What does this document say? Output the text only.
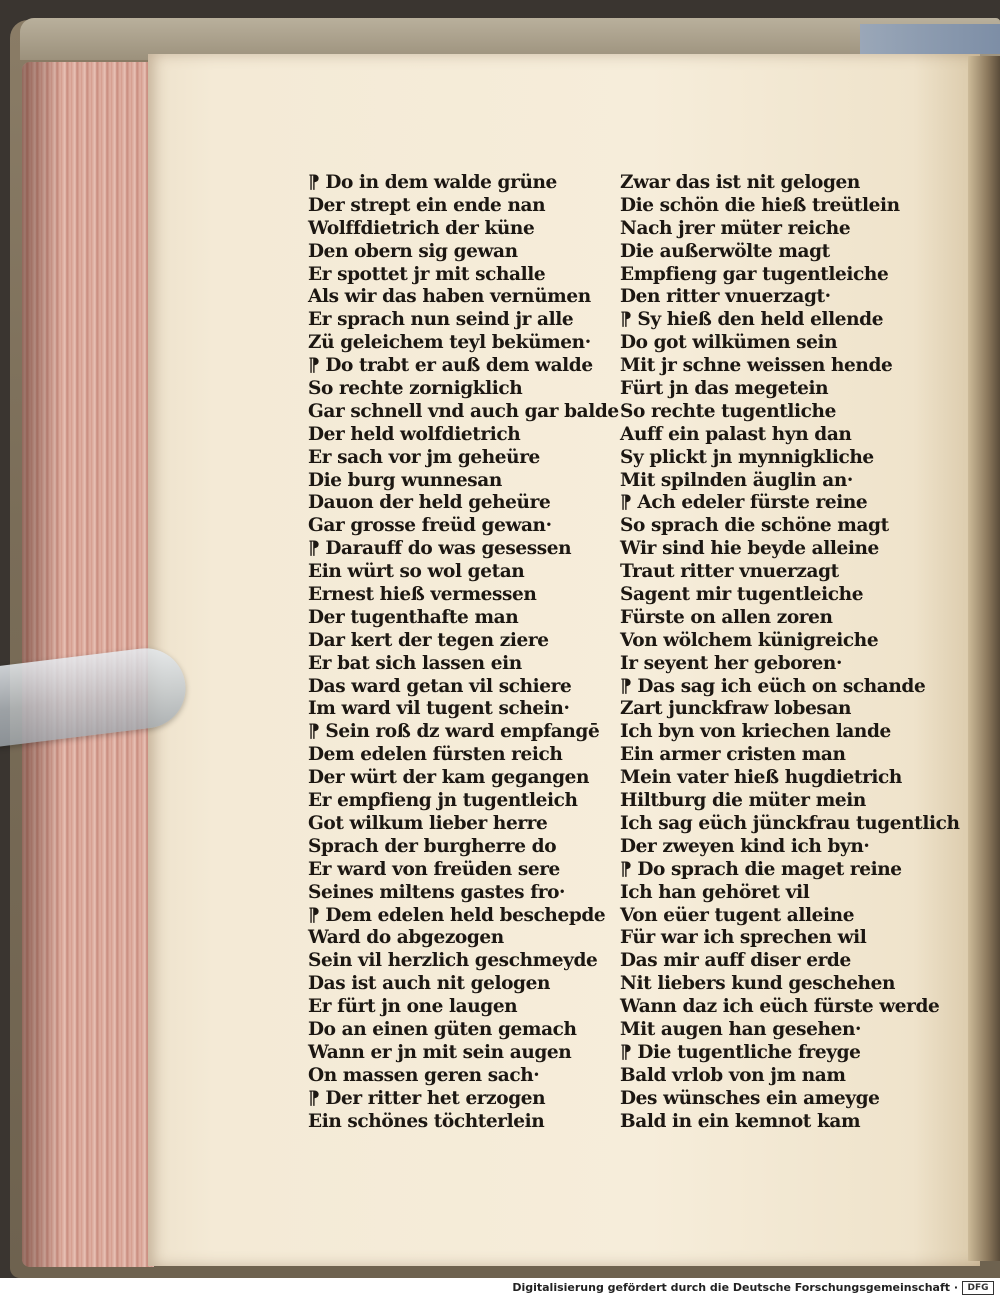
⁋ Do in dem walde grüne
Der strept ein ende nan
Wolffdietrich der küne
Den obern sig gewan
Er spottet jr mit schalle
Als wir das haben vernümen
Er sprach nun seind jr alle
Zü geleichem teyl bekümen·
⁋ Do trabt er auß dem walde
So rechte zornigklich
Gar schnell vnd auch gar balde
Der held wolfdietrich
Er sach vor jm geheüre
Die burg wunnesan
Dauon der held geheüre
Gar grosse freüd gewan·
⁋ Darauff do was gesessen
Ein würt so wol getan
Ernest hieß vermessen
Der tugenthafte man
Dar kert der tegen ziere
Er bat sich lassen ein
Das ward getan vil schiere
Im ward vil tugent schein·
⁋ Sein roß dz ward empfangē
Dem edelen fürsten reich
Der würt der kam gegangen
Er empfieng jn tugentleich
Got wilkum lieber herre
Sprach der burgherre do
Er ward von freüden sere
Seines miltens gastes fro·
⁋ Dem edelen held beschepde
Ward do abgezogen
Sein vil herzlich geschmeyde
Das ist auch nit gelogen
Er fürt jn one laugen
Do an einen güten gemach
Wann er jn mit sein augen
On massen geren sach·
⁋ Der ritter het erzogen
Ein schönes töchterlein
Zwar das ist nit gelogen
Die schön die hieß treütlein
Nach jrer müter reiche
Die außerwölte magt
Empfieng gar tugentleiche
Den ritter vnuerzagt·
⁋ Sy hieß den held ellende
Do got wilkümen sein
Mit jr schne weissen hende
Fürt jn das megetein
So rechte tugentliche
Auff ein palast hyn dan
Sy plickt jn mynnigkliche
Mit spilnden äuglin an·
⁋ Ach edeler fürste reine
So sprach die schöne magt
Wir sind hie beyde alleine
Traut ritter vnuerzagt
Sagent mir tugentleiche
Fürste on allen zoren
Von wölchem künigreiche
Ir seyent her geboren·
⁋ Das sag ich eüch on schande
Zart junckfraw lobesan
Ich byn von kriechen lande
Ein armer cristen man
Mein vater hieß hugdietrich
Hiltburg die müter mein
Ich sag eüch jünckfrau tugentlich
Der zweyen kind ich byn·
⁋ Do sprach die maget reine
Ich han gehöret vil
Von eüer tugent alleine
Für war ich sprechen wil
Das mir auff diser erde
Nit liebers kund geschehen
Wann daz ich eüch fürste werde
Mit augen han gesehen·
⁋ Die tugentliche freyge
Bald vrlob von jm nam
Des wünsches ein ameyge
Bald in ein kemnot kam
Digitalisierung gefördert durch die Deutsche Forschungsgemeinschaft ·	DFG
